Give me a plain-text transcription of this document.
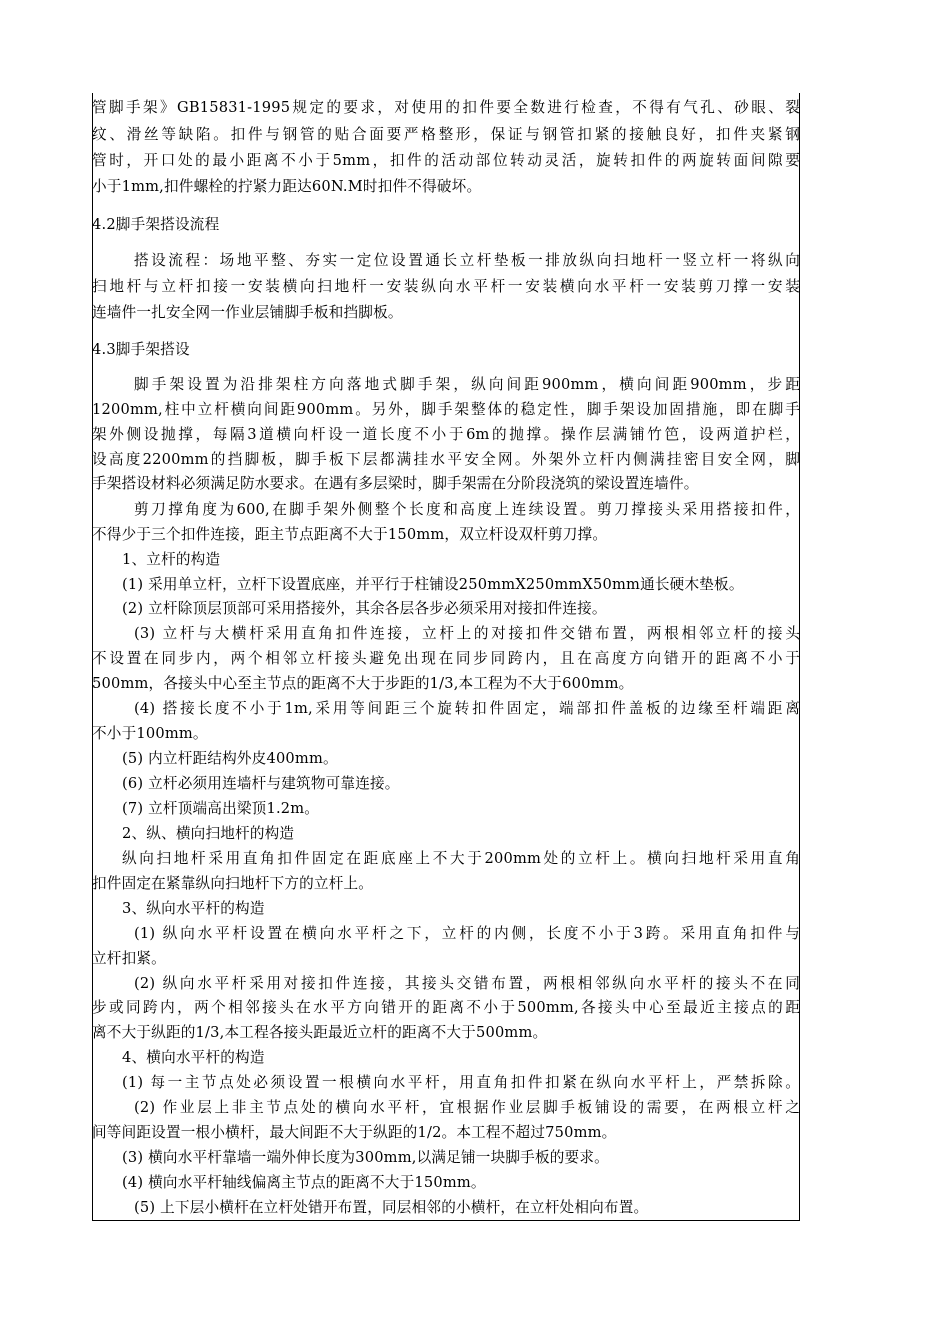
管脚手架》GB15831-1995规定的要求，对使用的扣件要全数进行检查，不得有气孔、砂眼、裂
纹、滑丝等缺陷。扣件与钢管的贴合面要严格整形，保证与钢管扣紧的接触良好，扣件夹紧钢
管时，开口处的最小距离不小于5mm，扣件的活动部位转动灵活，旋转扣件的两旋转面间隙要
小于1mm,扣件螺栓的拧紧力距达60N.M时扣件不得破坏。
4.2脚手架搭设流程
搭设流程：场地平整、夯实一定位设置通长立杆垫板一排放纵向扫地杆一竖立杆一将纵向
扫地杆与立杆扣接一安装横向扫地杆一安装纵向水平杆一安装横向水平杆一安装剪刀撑一安装
连墙件一扎安全网一作业层铺脚手板和挡脚板。
4.3脚手架搭设
脚手架设置为沿排架柱方向落地式脚手架，纵向间距900mm，横向间距900mm，步距
1200mm,柱中立杆横向间距900mm。另外，脚手架整体的稳定性，脚手架设加固措施，即在脚手
架外侧设抛撑，每隔3道横向杆设一道长度不小于6m的抛撑。操作层满铺竹笆，设两道护栏，
设高度2200mm的挡脚板，脚手板下层都满挂水平安全网。外架外立杆内侧满挂密目安全网，脚
手架搭设材料必须满足防水要求。在遇有多层梁时，脚手架需在分阶段浇筑的梁设置连墙件。
剪刀撑角度为600,在脚手架外侧整个长度和高度上连续设置。剪刀撑接头采用搭接扣件，
不得少于三个扣件连接，距主节点距离不大于150mm，双立杆设双杆剪刀撑。
1、立杆的构造
(1) 采用单立杆，立杆下设置底座，并平行于柱铺设250mmX250mmX50mm通长硬木垫板。
(2) 立杆除顶层顶部可采用搭接外，其余各层各步必须采用对接扣件连接。
(3) 立杆与大横杆采用直角扣件连接，立杆上的对接扣件交错布置，两根相邻立杆的接头
不设置在同步内，两个相邻立杆接头避免出现在同步同跨内，且在高度方向错开的距离不小于
500mm，各接头中心至主节点的距离不大于步距的1/3,本工程为不大于600mm。
(4) 搭接长度不小于1m,采用等间距三个旋转扣件固定，端部扣件盖板的边缘至杆端距离
不小于100mm。
(5) 内立杆距结构外皮400mm。
(6) 立杆必须用连墙杆与建筑物可靠连接。
(7) 立杆顶端高出梁顶1.2m。
2、纵、横向扫地杆的构造
纵向扫地杆采用直角扣件固定在距底座上不大于200mm处的立杆上。横向扫地杆采用直角
扣件固定在紧靠纵向扫地杆下方的立杆上。
3、纵向水平杆的构造
(1) 纵向水平杆设置在横向水平杆之下，立杆的内侧，长度不小于3跨。采用直角扣件与
立杆扣紧。
(2) 纵向水平杆采用对接扣件连接，其接头交错布置，两根相邻纵向水平杆的接头不在同
步或同跨内，两个相邻接头在水平方向错开的距离不小于500mm,各接头中心至最近主接点的距
离不大于纵距的1/3,本工程各接头距最近立杆的距离不大于500mm。
4、横向水平杆的构造
(1) 每一主节点处必须设置一根横向水平杆，用直角扣件扣紧在纵向水平杆上，严禁拆除。
(2) 作业层上非主节点处的横向水平杆，宜根据作业层脚手板铺设的需要，在两根立杆之
间等间距设置一根小横杆，最大间距不大于纵距的1/2。本工程不超过750mm。
(3) 横向水平杆靠墙一端外伸长度为300mm,以满足铺一块脚手板的要求。
(4) 横向水平杆轴线偏离主节点的距离不大于150mm。
(5) 上下层小横杆在立杆处错开布置，同层相邻的小横杆，在立杆处相向布置。
